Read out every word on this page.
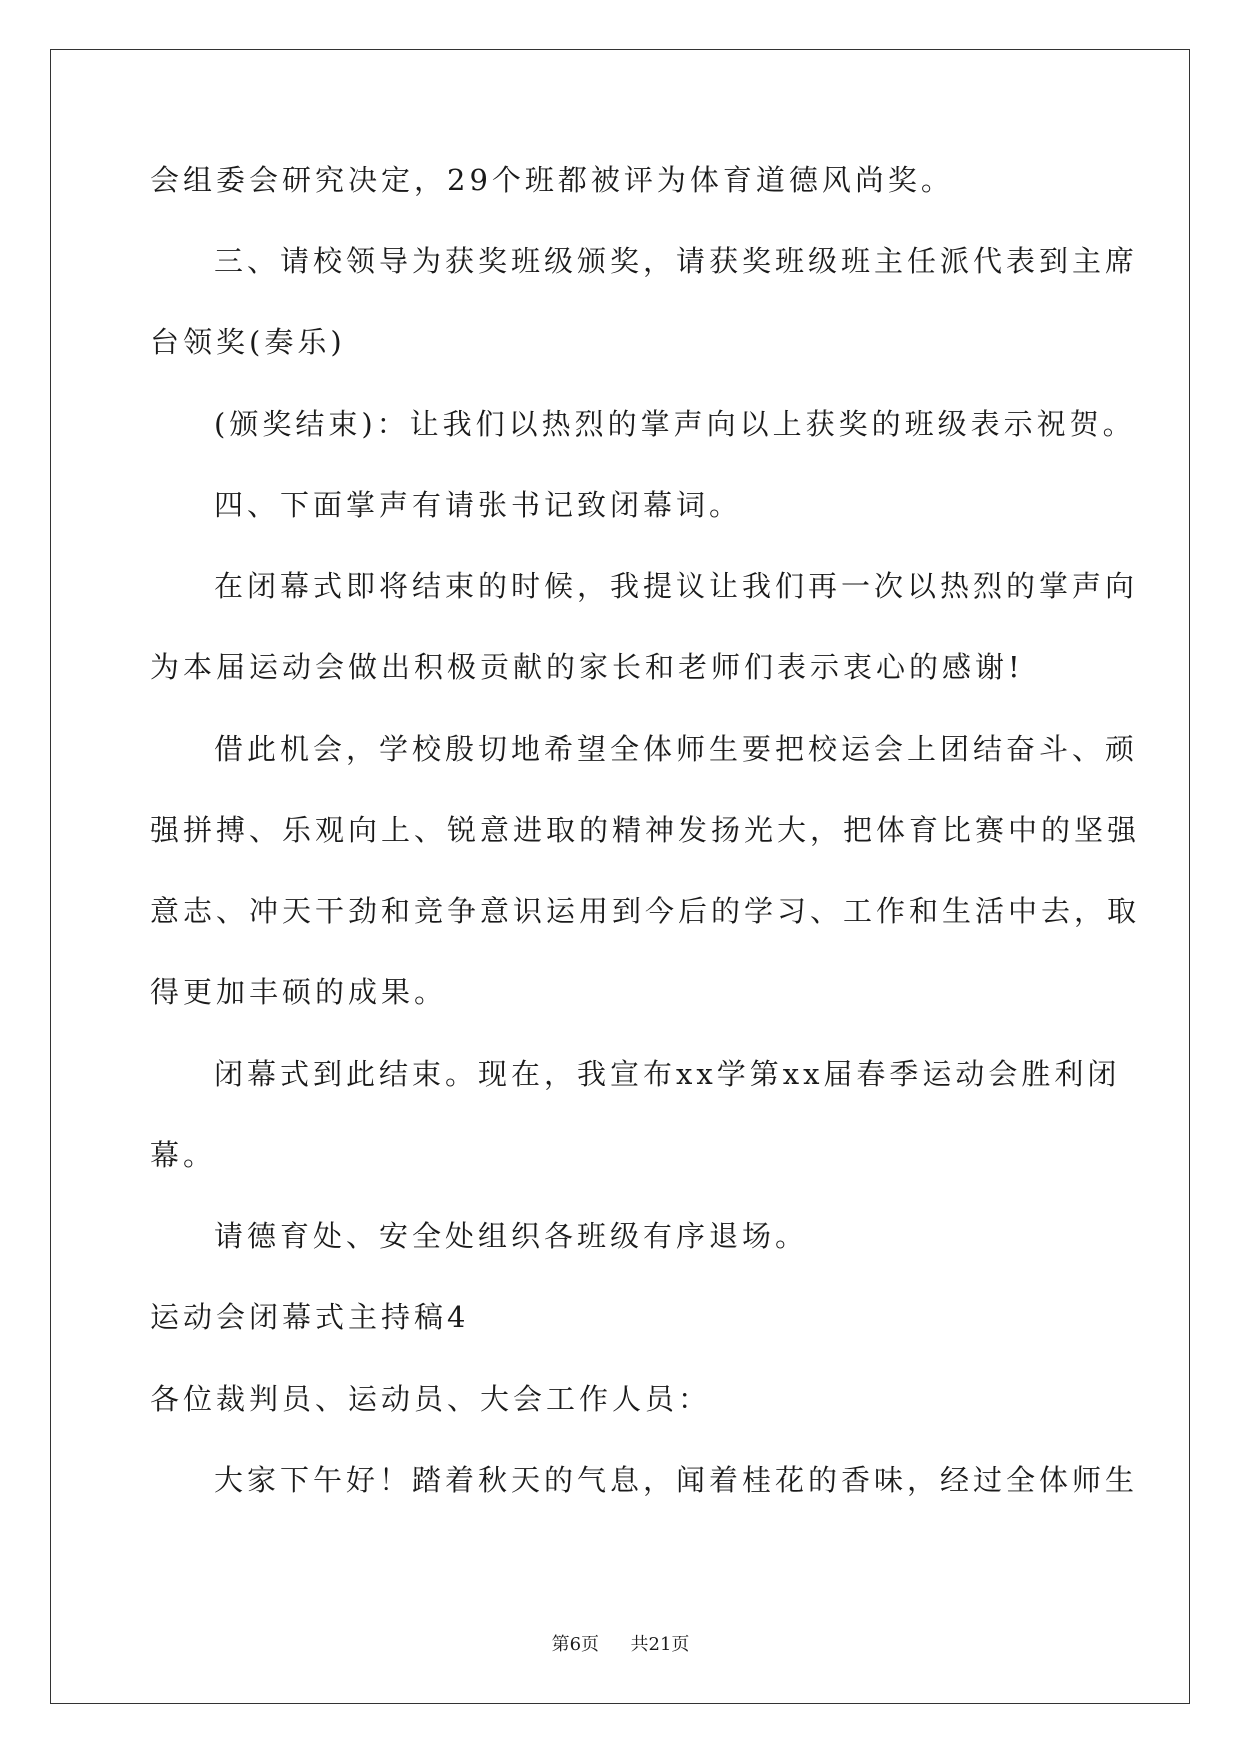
会组委会研究决定，29个班都被评为体育道德风尚奖。
三、请校领导为获奖班级颁奖，请获奖班级班主任派代表到主席
台领奖(奏乐)
(颁奖结束)：让我们以热烈的掌声向以上获奖的班级表示祝贺。
四、下面掌声有请张书记致闭幕词。
在闭幕式即将结束的时候，我提议让我们再一次以热烈的掌声向
为本届运动会做出积极贡献的家长和老师们表示衷心的感谢!
借此机会，学校殷切地希望全体师生要把校运会上团结奋斗、顽
强拼搏、乐观向上、锐意进取的精神发扬光大，把体育比赛中的坚强
意志、冲天干劲和竞争意识运用到今后的学习、工作和生活中去，取
得更加丰硕的成果。
闭幕式到此结束。现在，我宣布xx学第xx届春季运动会胜利闭
幕。
请德育处、安全处组织各班级有序退场。
运动会闭幕式主持稿4
各位裁判员、运动员、大会工作人员：
大家下午好！踏着秋天的气息，闻着桂花的香味，经过全体师生
第6页 共21页
